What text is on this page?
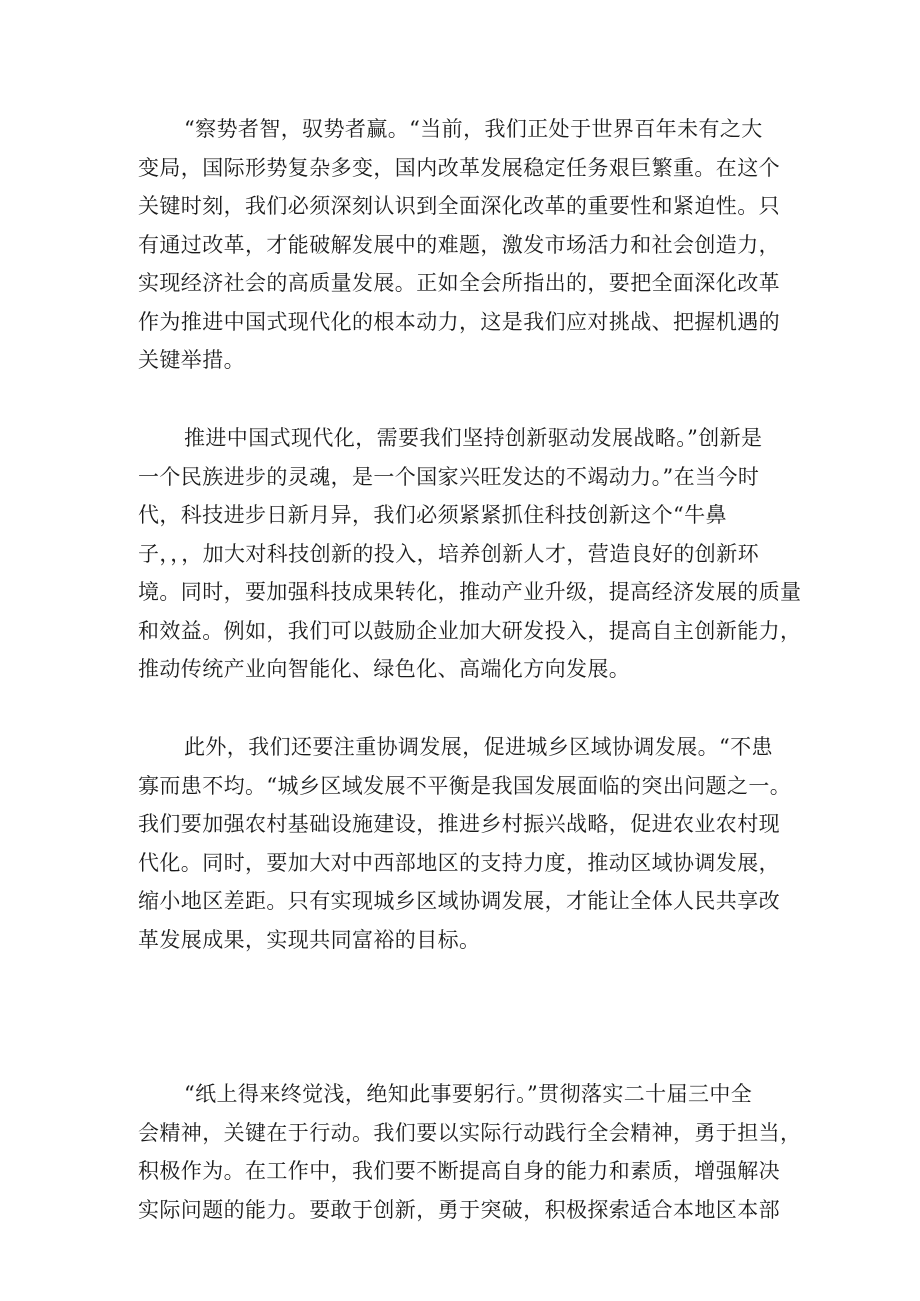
“察势者智，驭势者赢。“当前，我们正处于世界百年未有之大
变局，国际形势复杂多变，国内改革发展稳定任务艰巨繁重。在这个
关键时刻，我们必须深刻认识到全面深化改革的重要性和紧迫性。只
有通过改革，才能破解发展中的难题，激发市场活力和社会创造力，
实现经济社会的高质量发展。正如全会所指出的，要把全面深化改革
作为推进中国式现代化的根本动力，这是我们应对挑战、把握机遇的
关键举措。
推进中国式现代化，需要我们坚持创新驱动发展战略。”创新是
一个民族进步的灵魂，是一个国家兴旺发达的不竭动力。”在当今时
代，科技进步日新月异，我们必须紧紧抓住科技创新这个“牛鼻
子，，，加大对科技创新的投入，培养创新人才，营造良好的创新环
境。同时，要加强科技成果转化，推动产业升级，提高经济发展的质量
和效益。例如，我们可以鼓励企业加大研发投入，提高自主创新能力，
推动传统产业向智能化、绿色化、高端化方向发展。
此外，我们还要注重协调发展，促进城乡区域协调发展。“不患
寡而患不均。“城乡区域发展不平衡是我国发展面临的突出问题之一。
我们要加强农村基础设施建设，推进乡村振兴战略，促进农业农村现
代化。同时，要加大对中西部地区的支持力度，推动区域协调发展，
缩小地区差距。只有实现城乡区域协调发展，才能让全体人民共享改
革发展成果，实现共同富裕的目标。
“纸上得来终觉浅，绝知此事要躬行。”贯彻落实二十届三中全
会精神，关键在于行动。我们要以实际行动践行全会精神，勇于担当，
积极作为。在工作中，我们要不断提高自身的能力和素质，增强解决
实际问题的能力。要敢于创新，勇于突破，积极探索适合本地区本部
